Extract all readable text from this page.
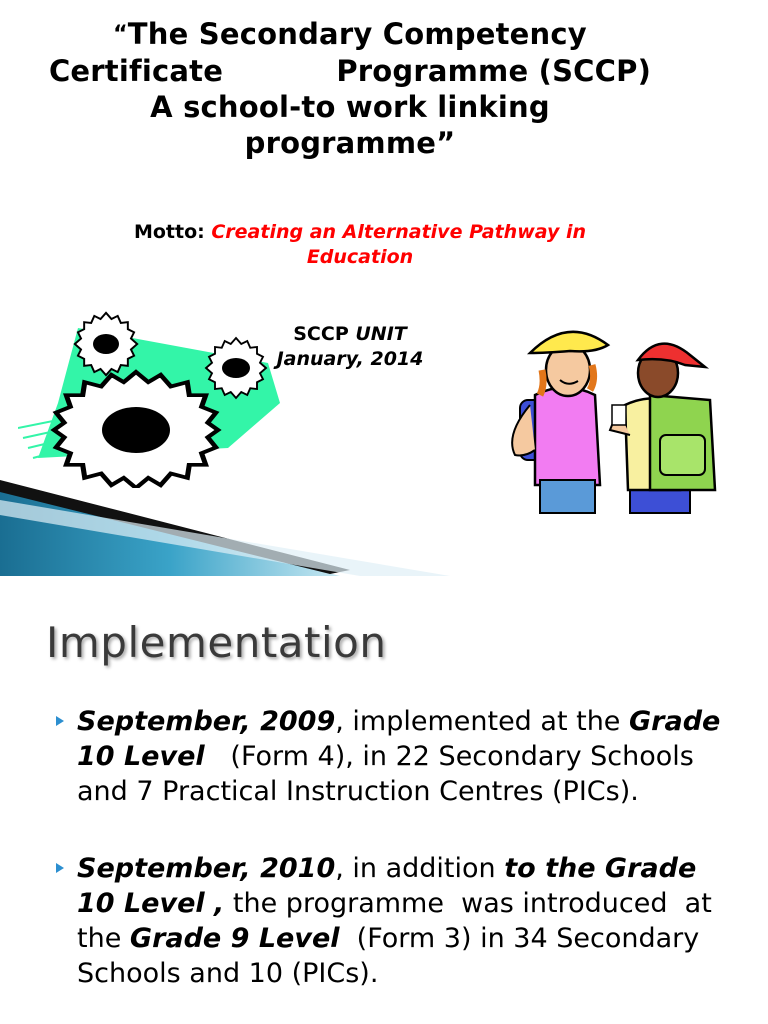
“The Secondary Competency
Certificate           Programme (SCCP)
A school-to work linking
programme”
Motto: Creating an Alternative Pathway in Education
SCCP UNIT
January, 2014
Implementation
September, 2009, implemented at the Grade 10 Level   (Form 4), in 22 Secondary Schools and 7 Practical Instruction Centres (PICs).
September, 2010, in addition to the Grade 10 Level , the programme  was introduced  at the Grade 9 Level  (Form 3) in 34 Secondary Schools and 10 (PICs).
